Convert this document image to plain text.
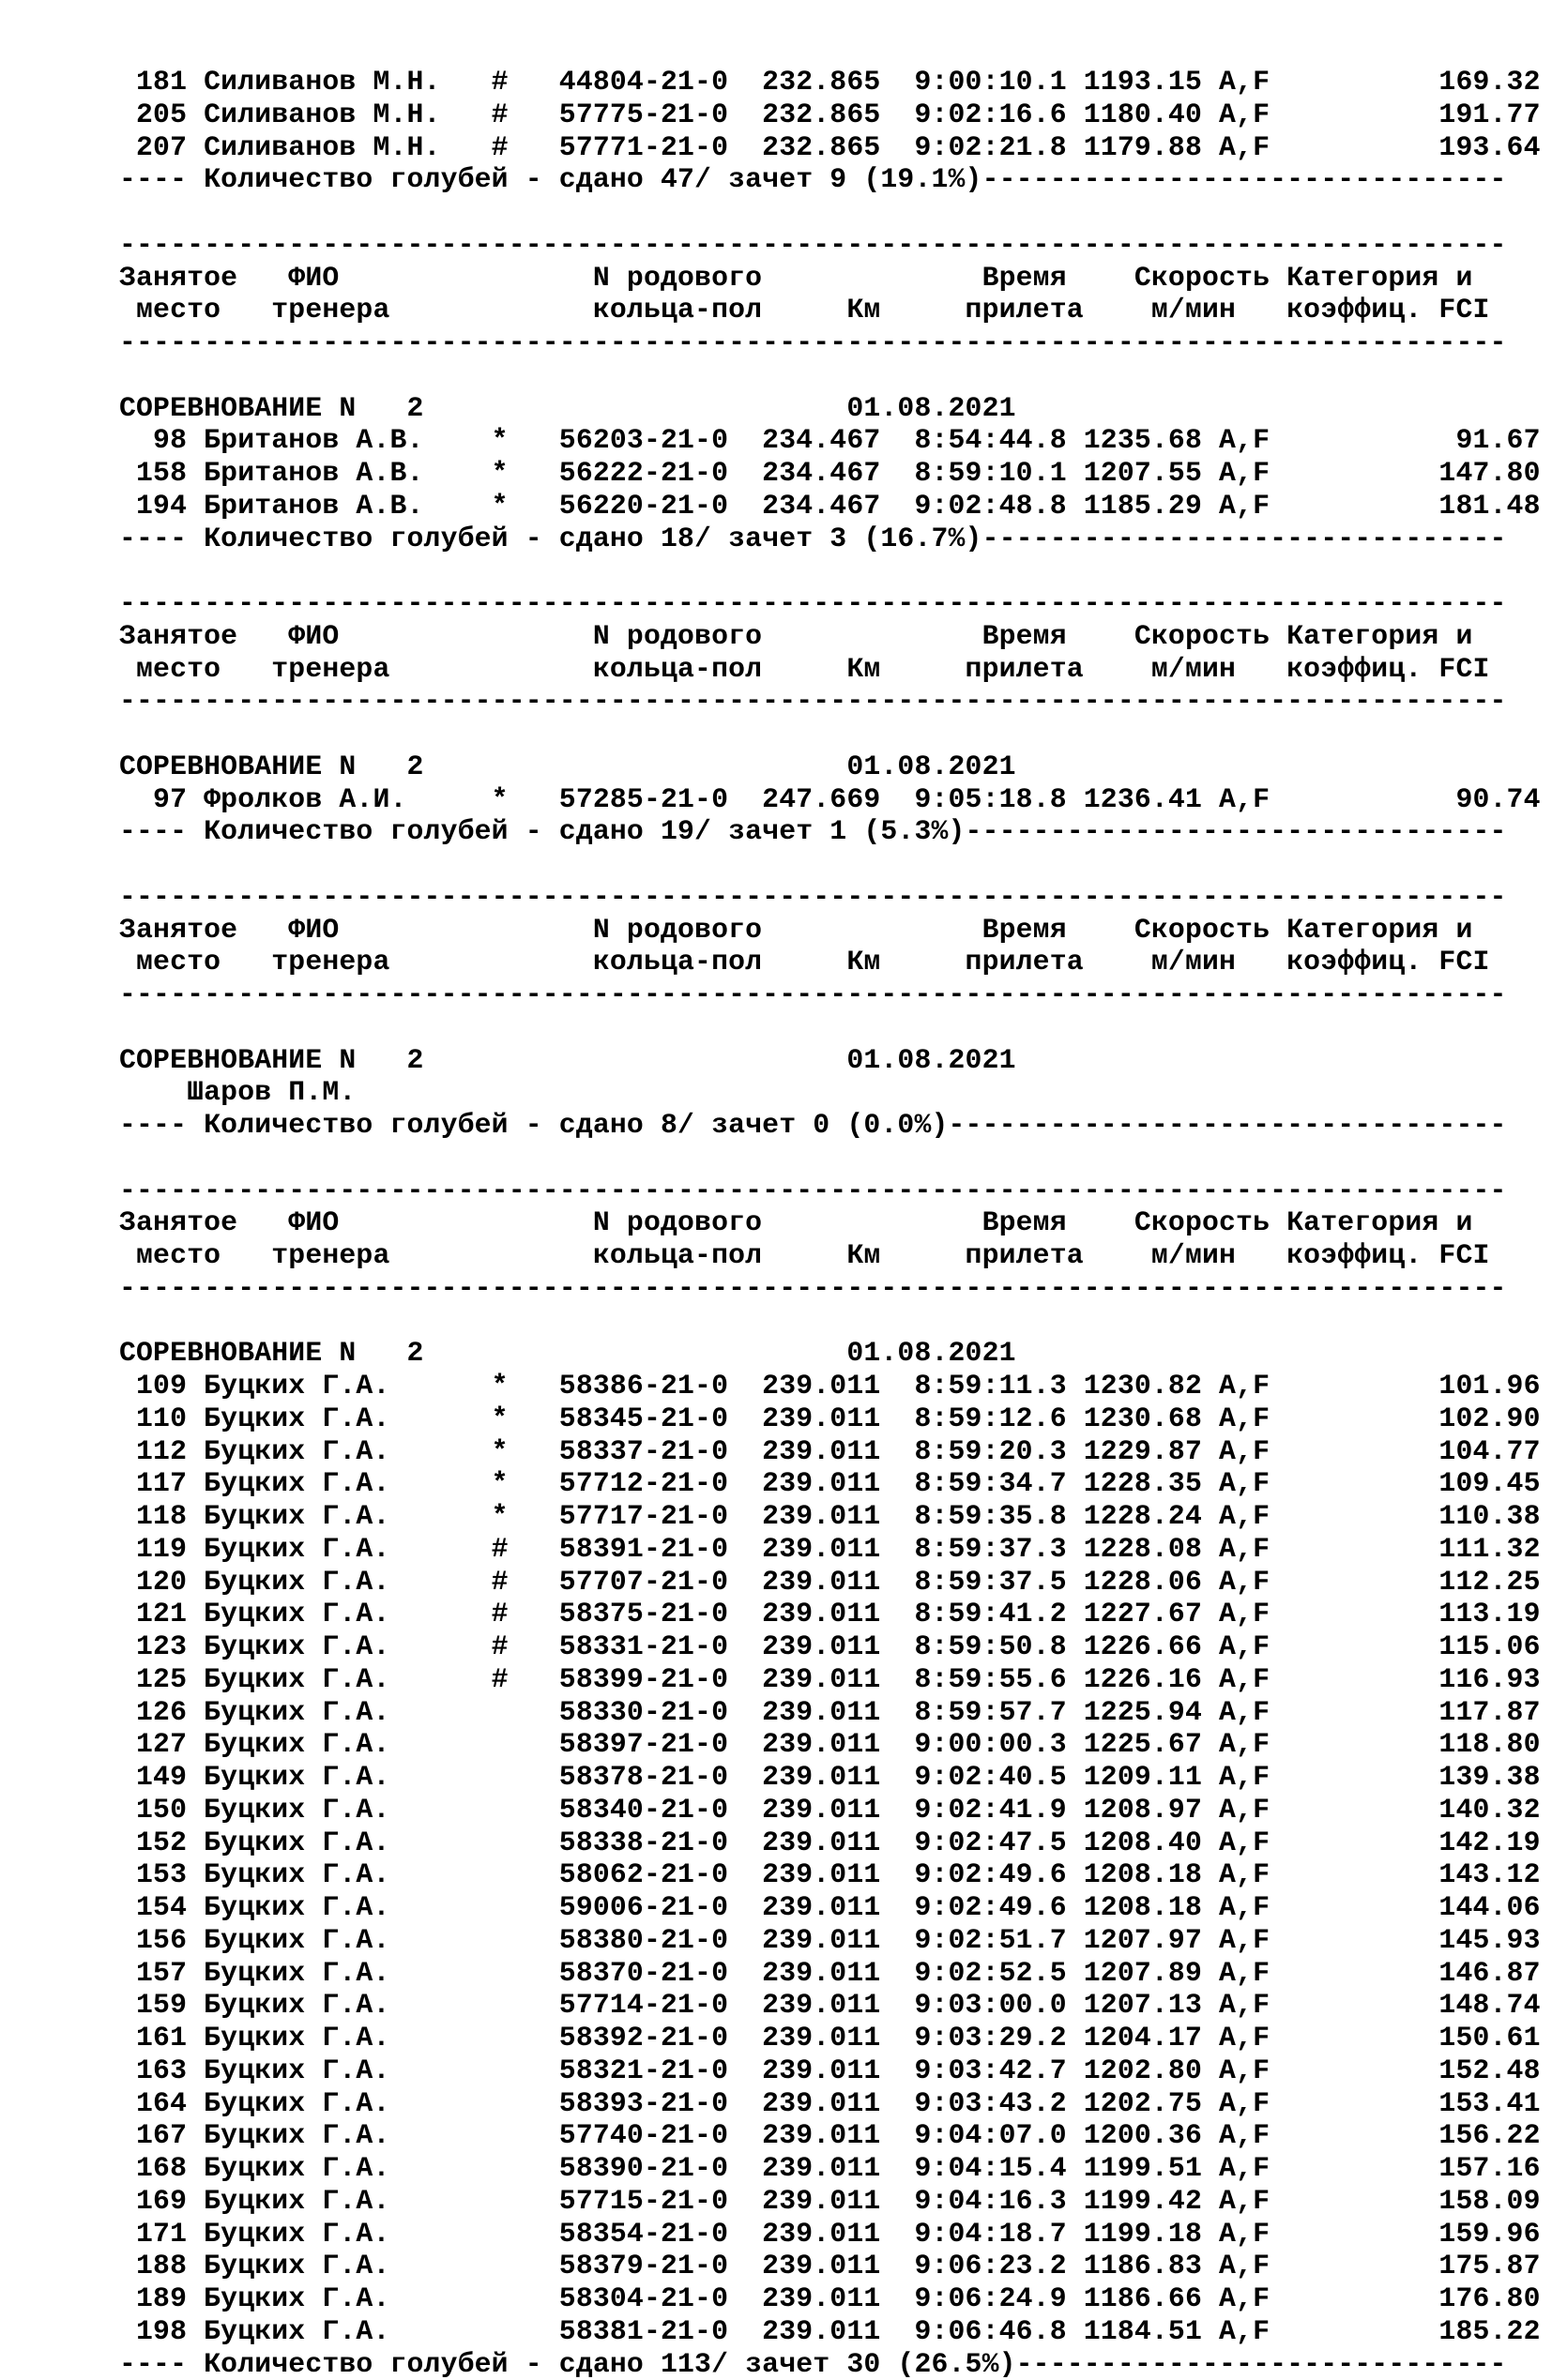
181 Силиванов М.Н.   #   44804-21-0  232.865  9:00:10.1 1193.15 A,F          169.32
205 Силиванов М.Н.   #   57775-21-0  232.865  9:02:16.6 1180.40 A,F          191.77
207 Силиванов М.Н.   #   57771-21-0  232.865  9:02:21.8 1179.88 A,F          193.64
---- Количество голубей - сдано 47/ зачет 9 (19.1%)-------------------------------
----------------------------------------------------------------------------------
Занятое   ФИО               N родового             Время    Скорость Категория и
место   тренера            кольца-пол     Км     прилета    м/мин   коэффиц. FCI
----------------------------------------------------------------------------------
СОРЕВНОВАНИЕ N   2                         01.08.2021
98 Британов А.В.    *   56203-21-0  234.467  8:54:44.8 1235.68 A,F           91.67
158 Британов А.В.    *   56222-21-0  234.467  8:59:10.1 1207.55 A,F          147.80
194 Британов А.В.    *   56220-21-0  234.467  9:02:48.8 1185.29 A,F          181.48
---- Количество голубей - сдано 18/ зачет 3 (16.7%)-------------------------------
----------------------------------------------------------------------------------
Занятое   ФИО               N родового             Время    Скорость Категория и
место   тренера            кольца-пол     Км     прилета    м/мин   коэффиц. FCI
----------------------------------------------------------------------------------
СОРЕВНОВАНИЕ N   2                         01.08.2021
97 Фролков А.И.     *   57285-21-0  247.669  9:05:18.8 1236.41 A,F           90.74
---- Количество голубей - сдано 19/ зачет 1 (5.3%)--------------------------------
----------------------------------------------------------------------------------
Занятое   ФИО               N родового             Время    Скорость Категория и
место   тренера            кольца-пол     Км     прилета    м/мин   коэффиц. FCI
----------------------------------------------------------------------------------
СОРЕВНОВАНИЕ N   2                         01.08.2021
Шаров П.М.
---- Количество голубей - сдано 8/ зачет 0 (0.0%)---------------------------------
----------------------------------------------------------------------------------
Занятое   ФИО               N родового             Время    Скорость Категория и
место   тренера            кольца-пол     Км     прилета    м/мин   коэффиц. FCI
----------------------------------------------------------------------------------
СОРЕВНОВАНИЕ N   2                         01.08.2021
109 Буцких Г.А.      *   58386-21-0  239.011  8:59:11.3 1230.82 A,F          101.96
110 Буцких Г.А.      *   58345-21-0  239.011  8:59:12.6 1230.68 A,F          102.90
112 Буцких Г.А.      *   58337-21-0  239.011  8:59:20.3 1229.87 A,F          104.77
117 Буцких Г.А.      *   57712-21-0  239.011  8:59:34.7 1228.35 A,F          109.45
118 Буцких Г.А.      *   57717-21-0  239.011  8:59:35.8 1228.24 A,F          110.38
119 Буцких Г.А.      #   58391-21-0  239.011  8:59:37.3 1228.08 A,F          111.32
120 Буцких Г.А.      #   57707-21-0  239.011  8:59:37.5 1228.06 A,F          112.25
121 Буцких Г.А.      #   58375-21-0  239.011  8:59:41.2 1227.67 A,F          113.19
123 Буцких Г.А.      #   58331-21-0  239.011  8:59:50.8 1226.66 A,F          115.06
125 Буцких Г.А.      #   58399-21-0  239.011  8:59:55.6 1226.16 A,F          116.93
126 Буцких Г.А.          58330-21-0  239.011  8:59:57.7 1225.94 A,F          117.87
127 Буцких Г.А.          58397-21-0  239.011  9:00:00.3 1225.67 A,F          118.80
149 Буцких Г.А.          58378-21-0  239.011  9:02:40.5 1209.11 A,F          139.38
150 Буцких Г.А.          58340-21-0  239.011  9:02:41.9 1208.97 A,F          140.32
152 Буцких Г.А.          58338-21-0  239.011  9:02:47.5 1208.40 A,F          142.19
153 Буцких Г.А.          58062-21-0  239.011  9:02:49.6 1208.18 A,F          143.12
154 Буцких Г.А.          59006-21-0  239.011  9:02:49.6 1208.18 A,F          144.06
156 Буцких Г.А.          58380-21-0  239.011  9:02:51.7 1207.97 A,F          145.93
157 Буцких Г.А.          58370-21-0  239.011  9:02:52.5 1207.89 A,F          146.87
159 Буцких Г.А.          57714-21-0  239.011  9:03:00.0 1207.13 A,F          148.74
161 Буцких Г.А.          58392-21-0  239.011  9:03:29.2 1204.17 A,F          150.61
163 Буцких Г.А.          58321-21-0  239.011  9:03:42.7 1202.80 A,F          152.48
164 Буцких Г.А.          58393-21-0  239.011  9:03:43.2 1202.75 A,F          153.41
167 Буцких Г.А.          57740-21-0  239.011  9:04:07.0 1200.36 A,F          156.22
168 Буцких Г.А.          58390-21-0  239.011  9:04:15.4 1199.51 A,F          157.16
169 Буцких Г.А.          57715-21-0  239.011  9:04:16.3 1199.42 A,F          158.09
171 Буцких Г.А.          58354-21-0  239.011  9:04:18.7 1199.18 A,F          159.96
188 Буцких Г.А.          58379-21-0  239.011  9:06:23.2 1186.83 A,F          175.87
189 Буцких Г.А.          58304-21-0  239.011  9:06:24.9 1186.66 A,F          176.80
198 Буцких Г.А.          58381-21-0  239.011  9:06:46.8 1184.51 A,F          185.22
---- Количество голубей - сдано 113/ зачет 30 (26.5%)-----------------------------
